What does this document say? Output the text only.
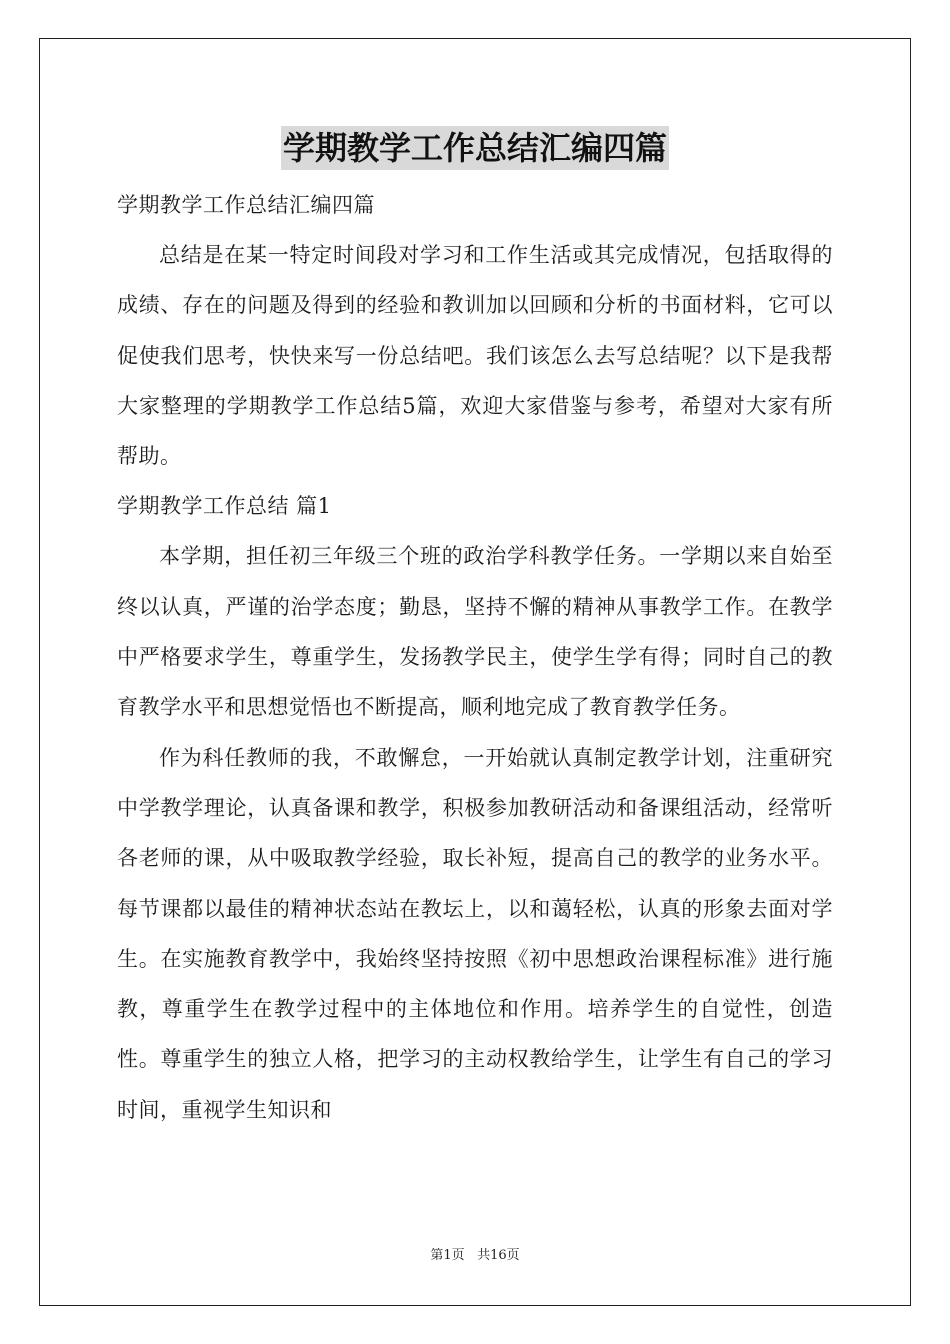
学期教学工作总结汇编四篇

学期教学工作总结汇编四篇

总结是在某一特定时间段对学习和工作生活或其完成情况，包括取得的成绩、存在的问题及得到的经验和教训加以回顾和分析的书面材料，它可以促使我们思考，快快来写一份总结吧。我们该怎么去写总结呢？以下是我帮大家整理的学期教学工作总结5篇，欢迎大家借鉴与参考，希望对大家有所帮助。

学期教学工作总结 篇1

本学期，担任初三年级三个班的政治学科教学任务。一学期以来自始至终以认真，严谨的治学态度；勤恳，坚持不懈的精神从事教学工作。在教学中严格要求学生，尊重学生，发扬教学民主，使学生学有得；同时自己的教育教学水平和思想觉悟也不断提高，顺利地完成了教育教学任务。

作为科任教师的我，不敢懈怠，一开始就认真制定教学计划，注重研究中学教学理论，认真备课和教学，积极参加教研活动和备课组活动，经常听各老师的课，从中吸取教学经验，取长补短，提高自己的教学的业务水平。每节课都以最佳的精神状态站在教坛上，以和蔼轻松，认真的形象去面对学生。在实施教育教学中，我始终坚持按照《初中思想政治课程标准》进行施教，尊重学生在教学过程中的主体地位和作用。培养学生的自觉性，创造性。尊重学生的独立人格，把学习的主动权教给学生，让学生有自己的学习时间，重视学生知识和

第1页 共16页
